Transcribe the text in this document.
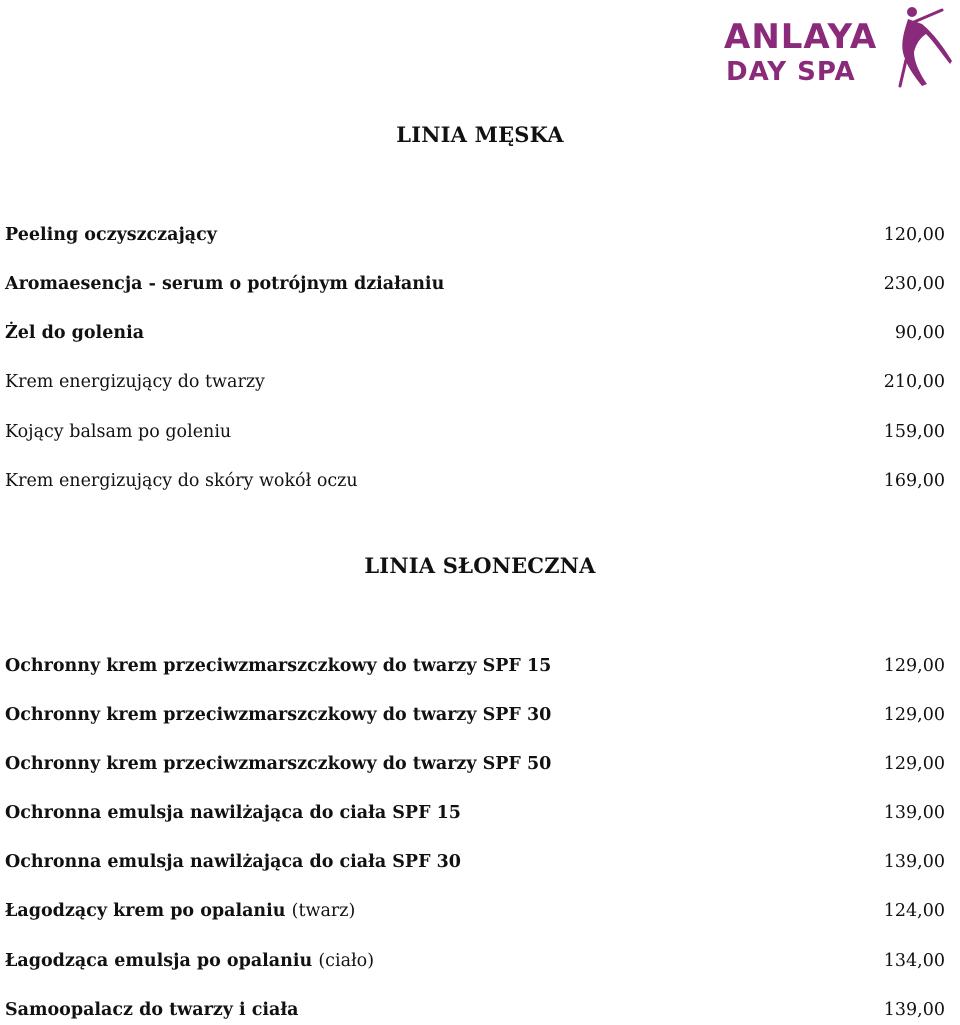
ANLAYA
DAY SPA
LINIA MĘSKA
Peeling oczyszczający	120,00
Aromaesencja - serum o potrójnym działaniu	230,00
Żel do golenia	90,00
Krem energizujący do twarzy	210,00
Kojący balsam po goleniu	159,00
Krem energizujący do skóry wokół oczu	169,00
LINIA SŁONECZNA
Ochronny krem przeciwzmarszczkowy do twarzy SPF 15	129,00
Ochronny krem przeciwzmarszczkowy do twarzy SPF 30	129,00
Ochronny krem przeciwzmarszczkowy do twarzy SPF 50	129,00
Ochronna emulsja nawilżająca do ciała SPF 15	139,00
Ochronna emulsja nawilżająca do ciała SPF 30	139,00
Łagodzący krem po opalaniu (twarz)	124,00
Łagodząca emulsja po opalaniu (ciało)	134,00
Samoopalacz do twarzy i ciała	139,00
